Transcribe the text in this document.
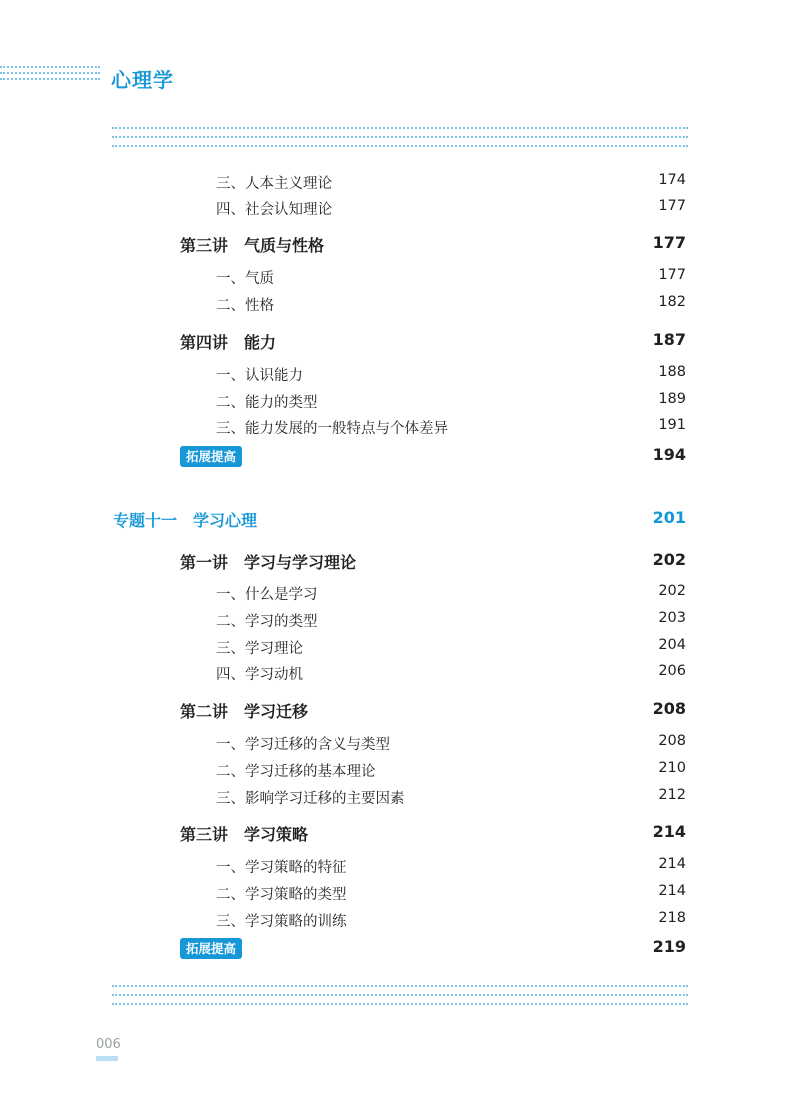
心理学
三、人本主义理论	174
四、社会认知理论	177
第三讲　气质与性格	177
一、气质	177
二、性格	182
第四讲　能力	187
一、认识能力	188
二、能力的类型	189
三、能力发展的一般特点与个体差异	191
拓展提高	194
专题十一　学习心理	201
第一讲　学习与学习理论	202
一、什么是学习	202
二、学习的类型	203
三、学习理论	204
四、学习动机	206
第二讲　学习迁移	208
一、学习迁移的含义与类型	208
二、学习迁移的基本理论	210
三、影响学习迁移的主要因素	212
第三讲　学习策略	214
一、学习策略的特征	214
二、学习策略的类型	214
三、学习策略的训练	218
拓展提高	219
006
